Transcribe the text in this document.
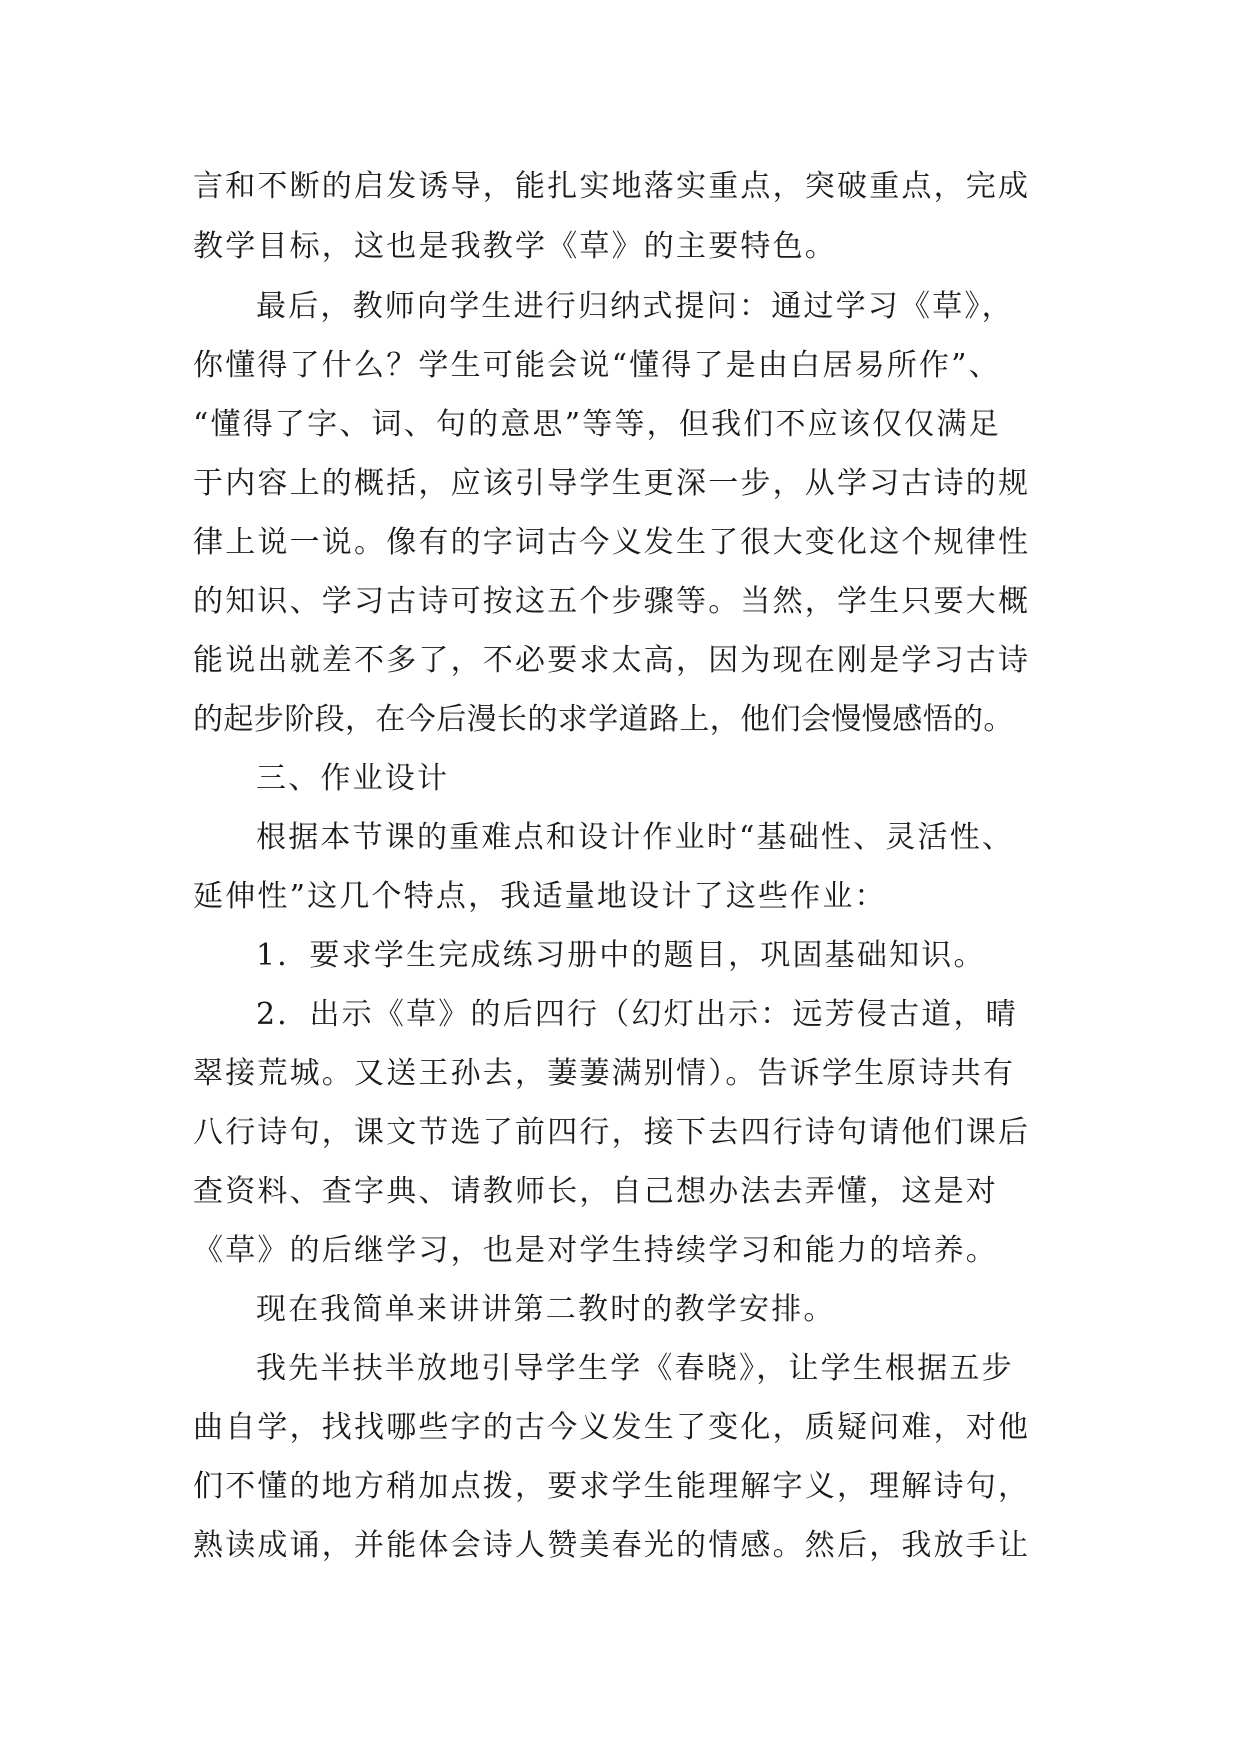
言和不断的启发诱导，能扎实地落实重点，突破重点，完成
教学目标，这也是我教学《草》的主要特色。
最后，教师向学生进行归纳式提问：通过学习《草》，
你懂得了什么？学生可能会说“懂得了是由白居易所作”、
“懂得了字、词、句的意思”等等，但我们不应该仅仅满足
于内容上的概括，应该引导学生更深一步，从学习古诗的规
律上说一说。像有的字词古今义发生了很大变化这个规律性
的知识、学习古诗可按这五个步骤等。当然，学生只要大概
能说出就差不多了，不必要求太高，因为现在刚是学习古诗
的起步阶段，在今后漫长的求学道路上，他们会慢慢感悟的。
三、作业设计
根据本节课的重难点和设计作业时“基础性、灵活性、
延伸性”这几个特点，我适量地设计了这些作业：
1．要求学生完成练习册中的题目，巩固基础知识。
2．出示《草》的后四行（幻灯出示：远芳侵古道，晴
翠接荒城。又送王孙去，萋萋满别情）。告诉学生原诗共有
八行诗句，课文节选了前四行，接下去四行诗句请他们课后
查资料、查字典、请教师长，自己想办法去弄懂，这是对
《草》的后继学习，也是对学生持续学习和能力的培养。
现在我简单来讲讲第二教时的教学安排。
我先半扶半放地引导学生学《春晓》，让学生根据五步
曲自学，找找哪些字的古今义发生了变化，质疑问难，对他
们不懂的地方稍加点拨，要求学生能理解字义，理解诗句，
熟读成诵，并能体会诗人赞美春光的情感。然后，我放手让
